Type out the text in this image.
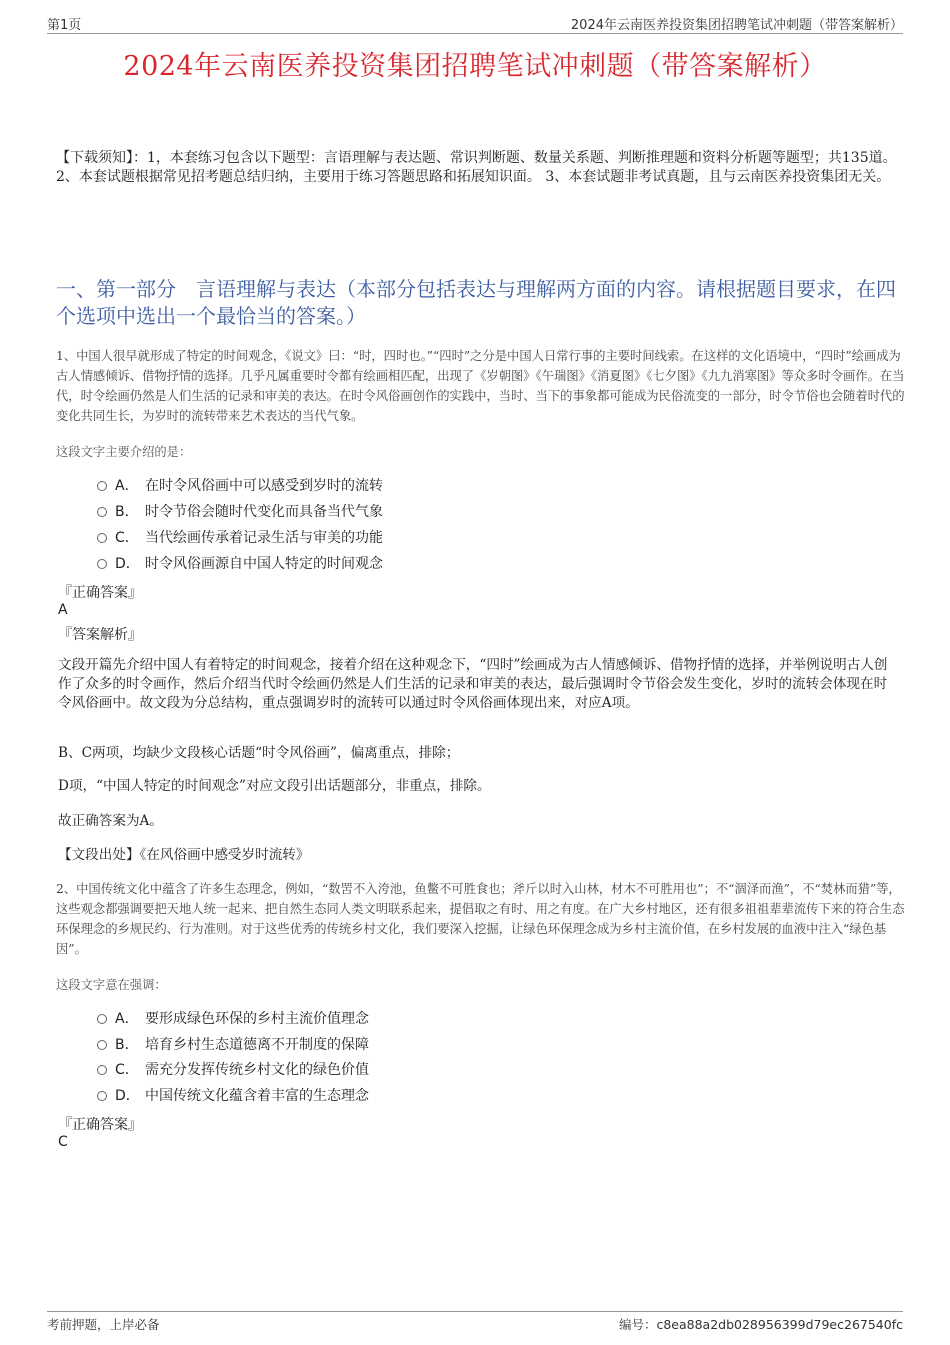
第1页	2024年云南医养投资集团招聘笔试冲刺题（带答案解析）
2024年云南医养投资集团招聘笔试冲刺题（带答案解析）
【下载须知】：1，本套练习包含以下题型：言语理解与表达题、常识判断题、数量关系题、判断推理题和资料分析题等题型；共135道。 2、本套试题根据常见招考题总结归纳，主要用于练习答题思路和拓展知识面。 3、本套试题非考试真题，且与云南医养投资集团无关。
一、第一部分　言语理解与表达（本部分包括表达与理解两方面的内容。请根据题目要求，在四个选项中选出一个最恰当的答案。）
1、中国人很早就形成了特定的时间观念，《说文》曰：“时，四时也。”“四时”之分是中国人日常行事的主要时间线索。在这样的文化语境中，“四时”绘画成为古人情感倾诉、借物抒情的选择。几乎凡属重要时令都有绘画相匹配，出现了《岁朝图》《午瑞图》《消夏图》《七夕图》《九九消寒图》等众多时令画作。在当代，时令绘画仍然是人们生活的记录和审美的表达。在时令风俗画创作的实践中，当时、当下的事象都可能成为民俗流变的一部分，时令节俗也会随着时代的变化共同生长，为岁时的流转带来艺术表达的当代气象。
这段文字主要介绍的是：
A． 在时令风俗画中可以感受到岁时的流转
B． 时令节俗会随时代变化而具备当代气象
C． 当代绘画传承着记录生活与审美的功能
D． 时令风俗画源自中国人特定的时间观念
『正确答案』
A
『答案解析』
文段开篇先介绍中国人有着特定的时间观念，接着介绍在这种观念下，“四时”绘画成为古人情感倾诉、借物抒情的选择，并举例说明古人创作了众多的时令画作，然后介绍当代时令绘画仍然是人们生活的记录和审美的表达，最后强调时令节俗会发生变化，岁时的流转会体现在时令风俗画中。故文段为分总结构，重点强调岁时的流转可以通过时令风俗画体现出来，对应A项。
B、C两项，均缺少文段核心话题“时令风俗画”，偏离重点，排除；
D项，“中国人特定的时间观念”对应文段引出话题部分，非重点，排除。
故正确答案为A。
【文段出处】《在风俗画中感受岁时流转》
2、中国传统文化中蕴含了许多生态理念，例如，“数罟不入洿池，鱼鳖不可胜食也；斧斤以时入山林，材木不可胜用也”；不“涸泽而渔”，不“焚林而猎”等，这些观念都强调要把天地人统一起来、把自然生态同人类文明联系起来，提倡取之有时、用之有度。在广大乡村地区，还有很多祖祖辈辈流传下来的符合生态环保理念的乡规民约、行为准则。对于这些优秀的传统乡村文化，我们要深入挖掘，让绿色环保理念成为乡村主流价值，在乡村发展的血液中注入“绿色基因”。
这段文字意在强调：
A． 要形成绿色环保的乡村主流价值理念
B． 培育乡村生态道德离不开制度的保障
C． 需充分发挥传统乡村文化的绿色价值
D． 中国传统文化蕴含着丰富的生态理念
『正确答案』
C
考前押题，上岸必备	编号：c8ea88a2db028956399d79ec267540fc
